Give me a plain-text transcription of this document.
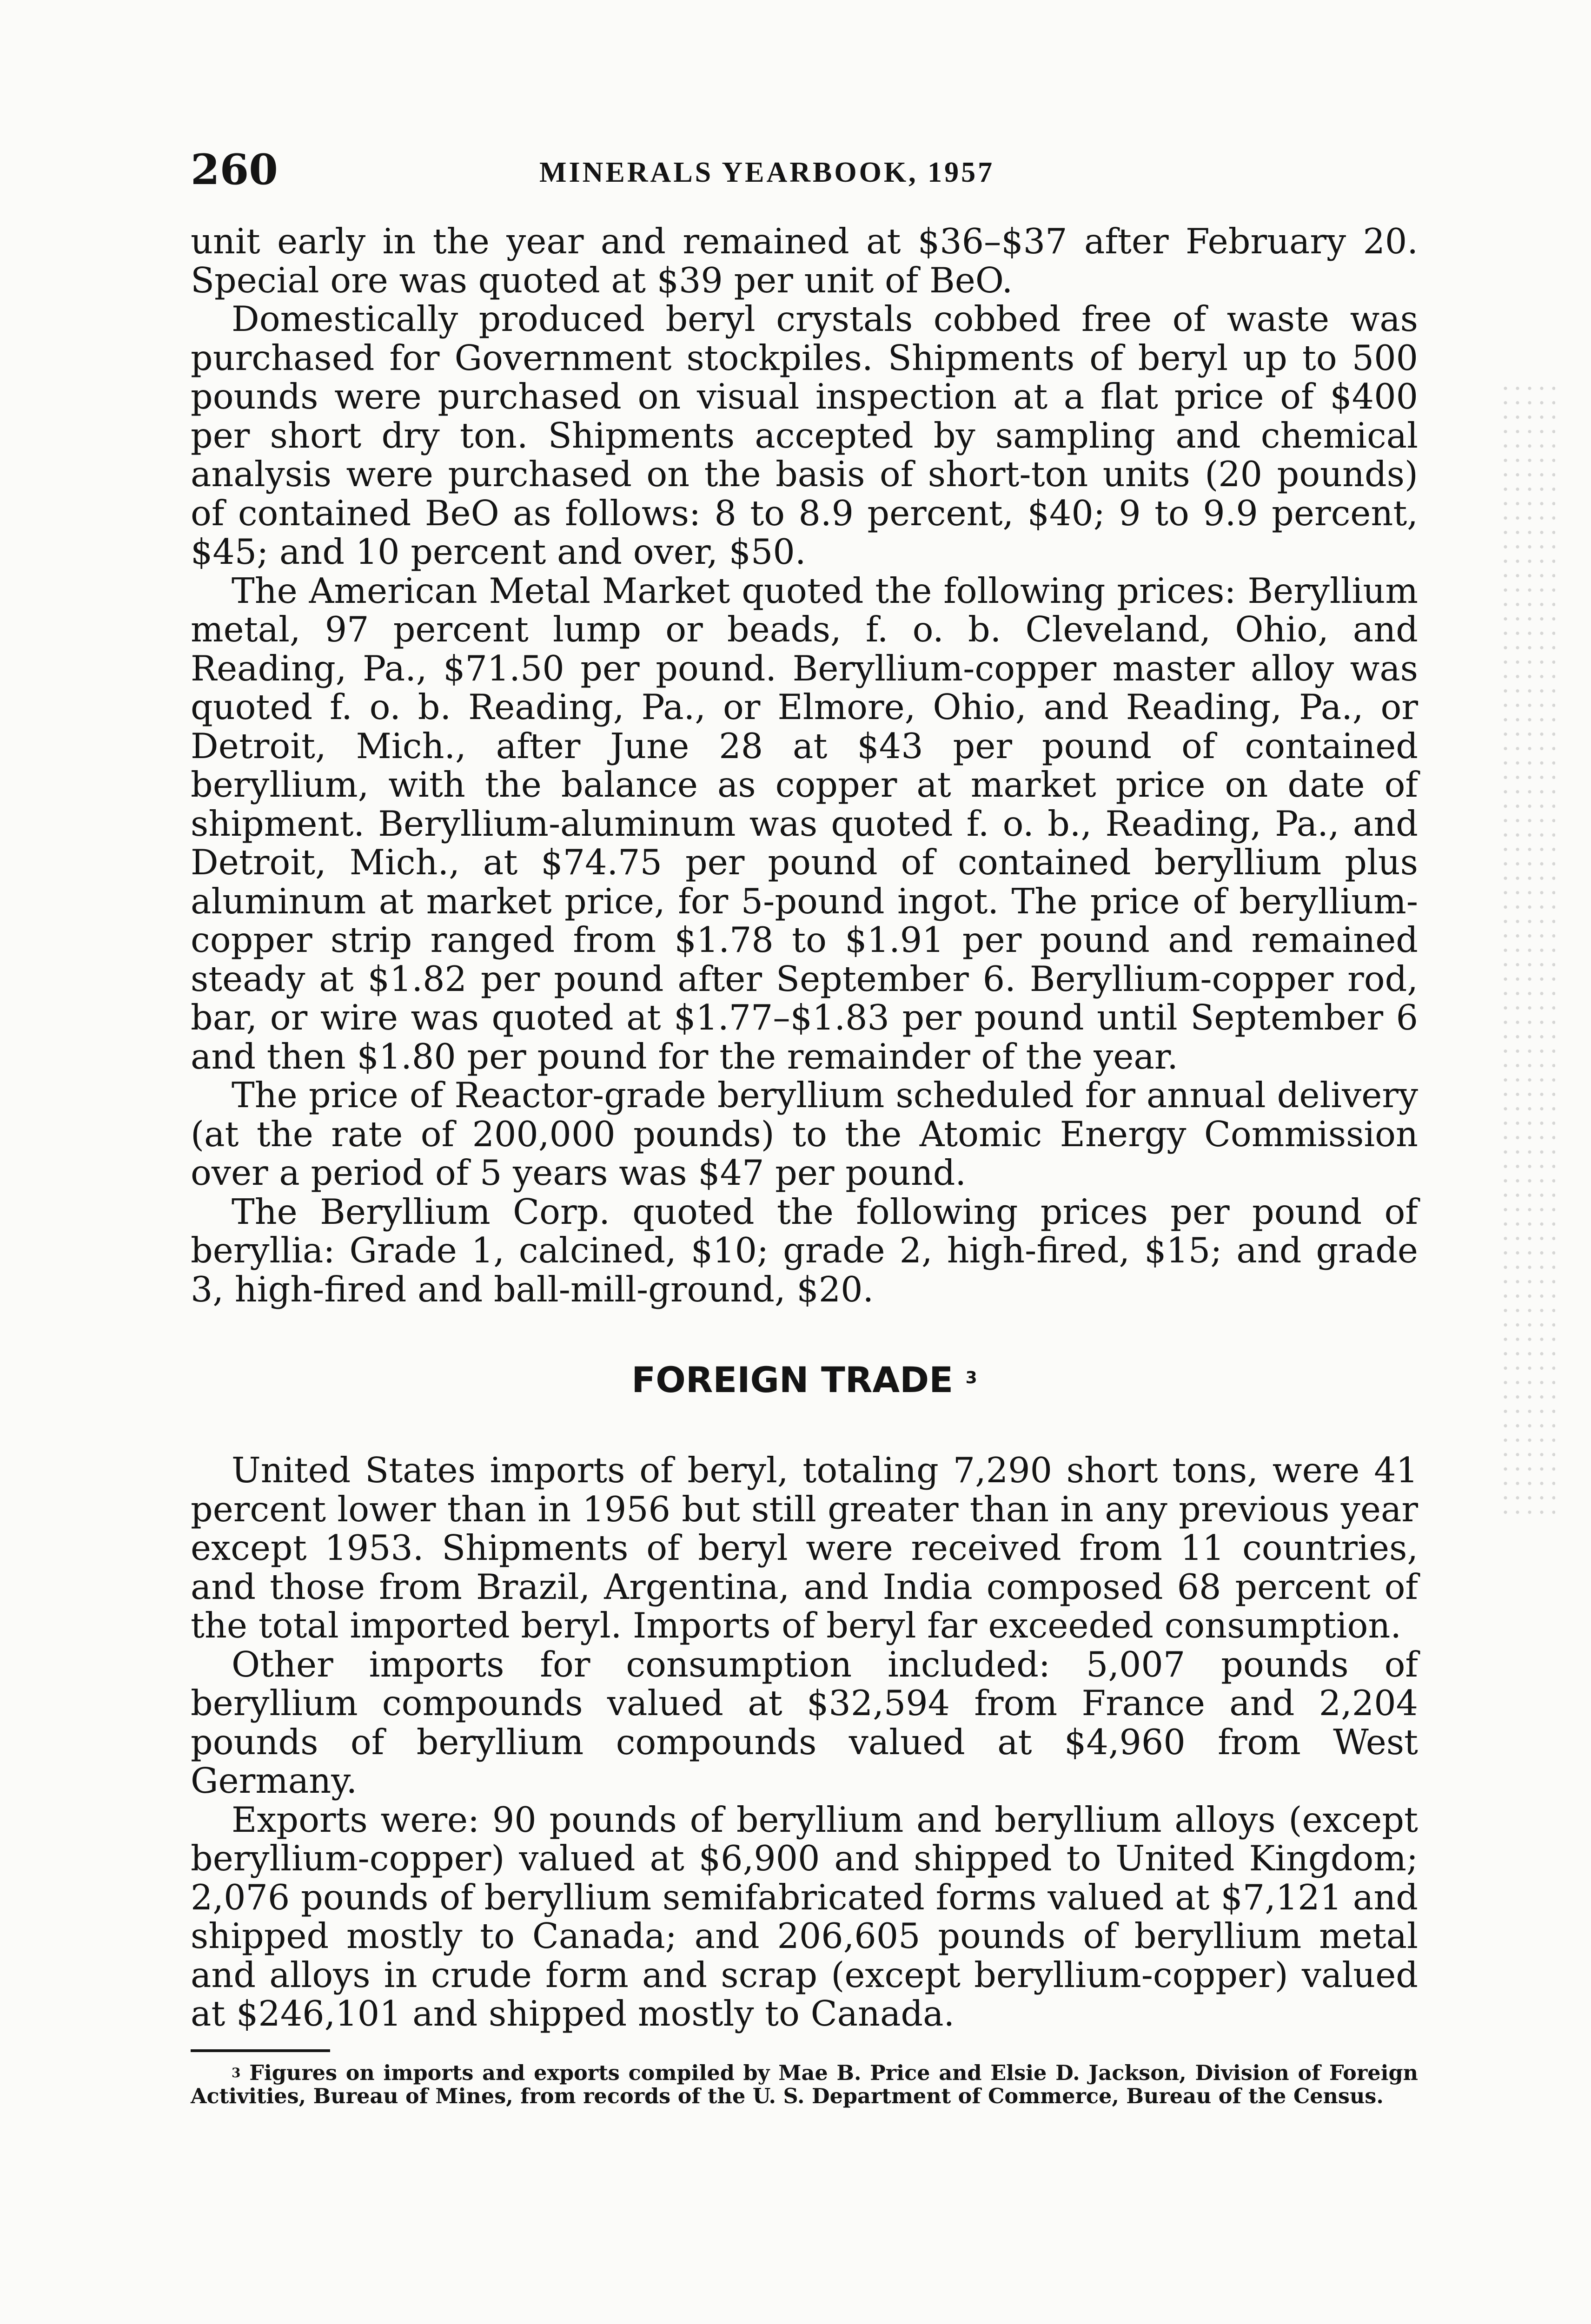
260	MINERALS YEARBOOK, 1957

unit early in the year and remained at $36–$37 after February 20. Special ore was quoted at $39 per unit of BeO.

Domestically produced beryl crystals cobbed free of waste was purchased for Government stockpiles. Shipments of beryl up to 500 pounds were purchased on visual inspection at a flat price of $400 per short dry ton. Shipments accepted by sampling and chemical analysis were purchased on the basis of short-ton units (20 pounds) of contained BeO as follows: 8 to 8.9 percent, $40; 9 to 9.9 percent, $45; and 10 percent and over, $50.

The American Metal Market quoted the following prices: Beryllium metal, 97 percent lump or beads, f. o. b. Cleveland, Ohio, and Reading, Pa., $71.50 per pound. Beryllium-copper master alloy was quoted f. o. b. Reading, Pa., or Elmore, Ohio, and Reading, Pa., or Detroit, Mich., after June 28 at $43 per pound of contained beryllium, with the balance as copper at market price on date of shipment. Beryllium-aluminum was quoted f. o. b., Reading, Pa., and Detroit, Mich., at $74.75 per pound of contained beryllium plus aluminum at market price, for 5-pound ingot. The price of beryllium-copper strip ranged from $1.78 to $1.91 per pound and remained steady at $1.82 per pound after September 6. Beryllium-copper rod, bar, or wire was quoted at $1.77–$1.83 per pound until September 6 and then $1.80 per pound for the remainder of the year.

The price of Reactor-grade beryllium scheduled for annual delivery (at the rate of 200,000 pounds) to the Atomic Energy Commission over a period of 5 years was $47 per pound.

The Beryllium Corp. quoted the following prices per pound of beryllia: Grade 1, calcined, $10; grade 2, high-fired, $15; and grade 3, high-fired and ball-mill-ground, $20.

FOREIGN TRADE $^3$

United States imports of beryl, totaling 7,290 short tons, were 41 percent lower than in 1956 but still greater than in any previous year except 1953. Shipments of beryl were received from 11 countries, and those from Brazil, Argentina, and India composed 68 percent of the total imported beryl. Imports of beryl far exceeded consumption.

Other imports for consumption included: 5,007 pounds of beryllium compounds valued at $32,594 from France and 2,204 pounds of beryllium compounds valued at $4,960 from West Germany.

Exports were: 90 pounds of beryllium and beryllium alloys (except beryllium-copper) valued at $6,900 and shipped to United Kingdom; 2,076 pounds of beryllium semifabricated forms valued at $7,121 and shipped mostly to Canada; and 206,605 pounds of beryllium metal and alloys in crude form and scrap (except beryllium-copper) valued at $246,101 and shipped mostly to Canada.

$^3$ Figures on imports and exports compiled by Mae B. Price and Elsie D. Jackson, Division of Foreign Activities, Bureau of Mines, from records of the U. S. Department of Commerce, Bureau of the Census.
